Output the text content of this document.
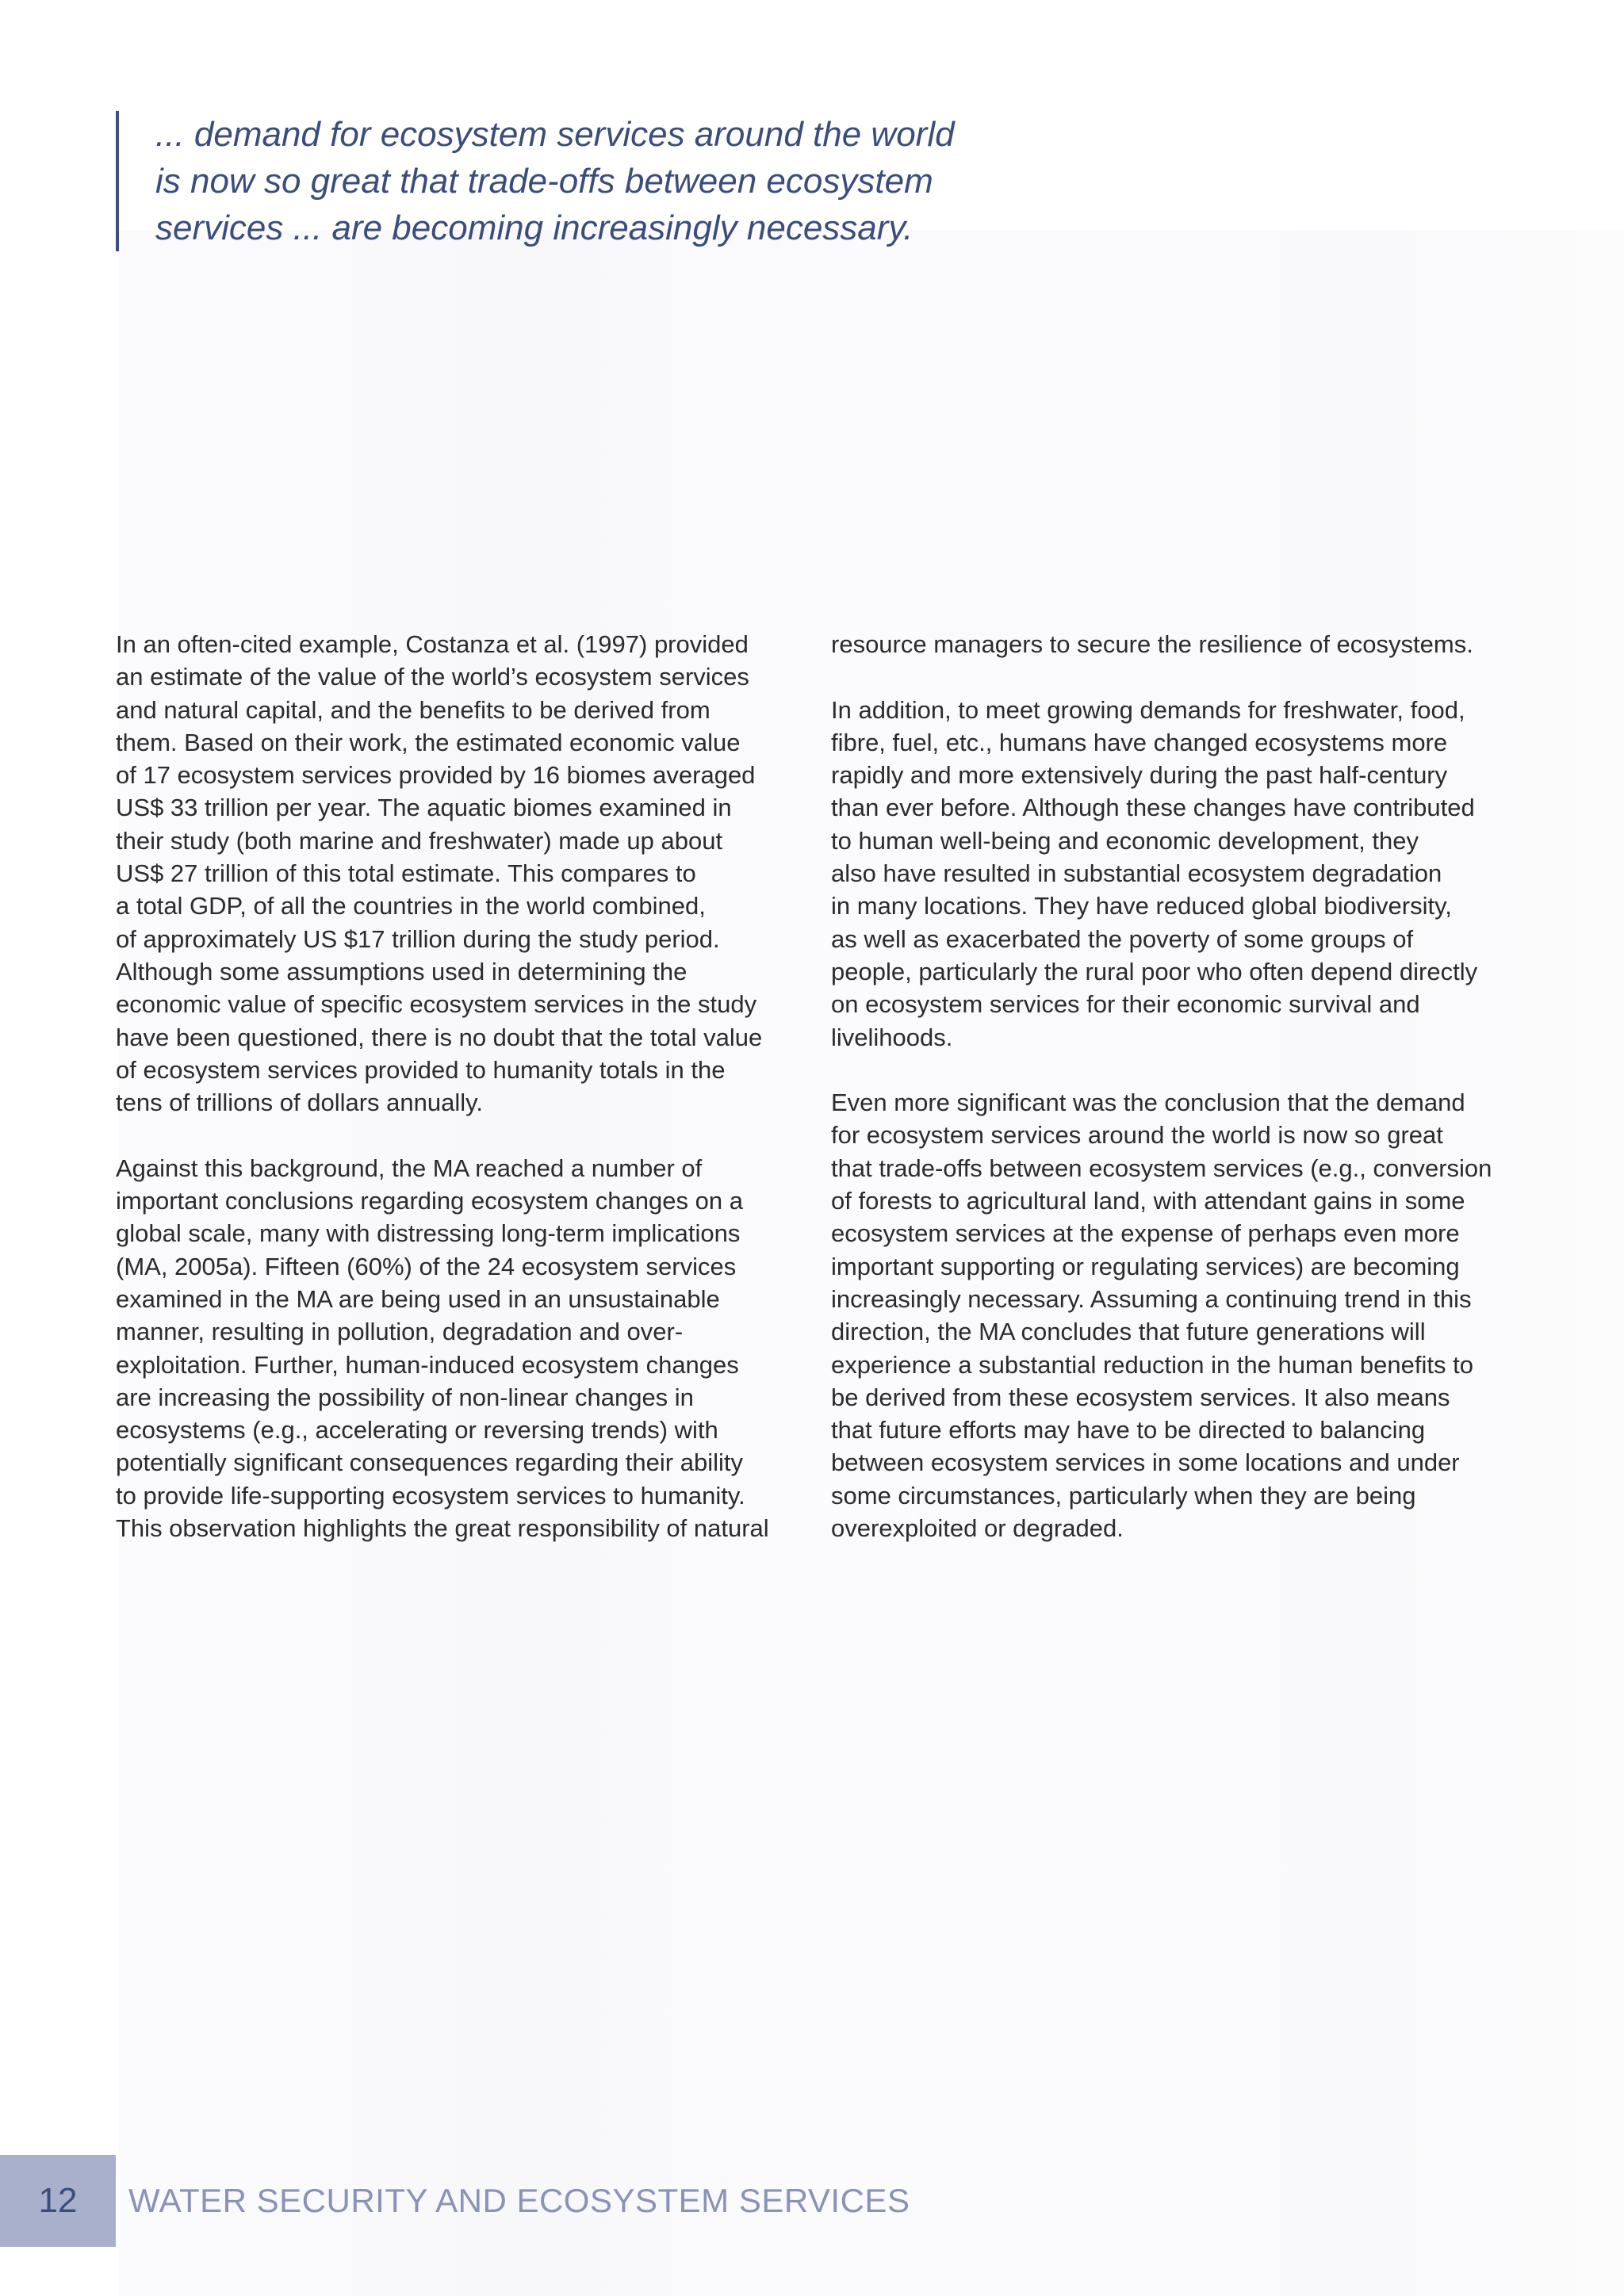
... demand for ecosystem services around the world
is now so great that trade-offs between ecosystem
services ... are becoming increasingly necessary.

In an often-cited example, Costanza et al. (1997) provided
an estimate of the value of the world’s ecosystem services
and natural capital, and the benefits to be derived from
them. Based on their work, the estimated economic value
of 17 ecosystem services provided by 16 biomes averaged
US$ 33 trillion per year. The aquatic biomes examined in
their study (both marine and freshwater) made up about
US$ 27 trillion of this total estimate. This compares to
a total GDP, of all the countries in the world combined,
of approximately US $17 trillion during the study period.
Although some assumptions used in determining the
economic value of specific ecosystem services in the study
have been questioned, there is no doubt that the total value
of ecosystem services provided to humanity totals in the
tens of trillions of dollars annually.

Against this background, the MA reached a number of
important conclusions regarding ecosystem changes on a
global scale, many with distressing long-term implications
(MA, 2005a). Fifteen (60%) of the 24 ecosystem services
examined in the MA are being used in an unsustainable
manner, resulting in pollution, degradation and over-
exploitation. Further, human-induced ecosystem changes
are increasing the possibility of non-linear changes in
ecosystems (e.g., accelerating or reversing trends) with
potentially significant consequences regarding their ability
to provide life-supporting ecosystem services to humanity.
This observation highlights the great responsibility of natural

resource managers to secure the resilience of ecosystems.

In addition, to meet growing demands for freshwater, food,
fibre, fuel, etc., humans have changed ecosystems more
rapidly and more extensively during the past half-century
than ever before. Although these changes have contributed
to human well-being and economic development, they
also have resulted in substantial ecosystem degradation
in many locations. They have reduced global biodiversity,
as well as exacerbated the poverty of some groups of
people, particularly the rural poor who often depend directly
on ecosystem services for their economic survival and
livelihoods.

Even more significant was the conclusion that the demand
for ecosystem services around the world is now so great
that trade-offs between ecosystem services (e.g., conversion
of forests to agricultural land, with attendant gains in some
ecosystem services at the expense of perhaps even more
important supporting or regulating services) are becoming
increasingly necessary. Assuming a continuing trend in this
direction, the MA concludes that future generations will
experience a substantial reduction in the human benefits to
be derived from these ecosystem services. It also means
that future efforts may have to be directed to balancing
between ecosystem services in some locations and under
some circumstances, particularly when they are being
overexploited or degraded.

12	WATER SECURITY AND ECOSYSTEM SERVICES
